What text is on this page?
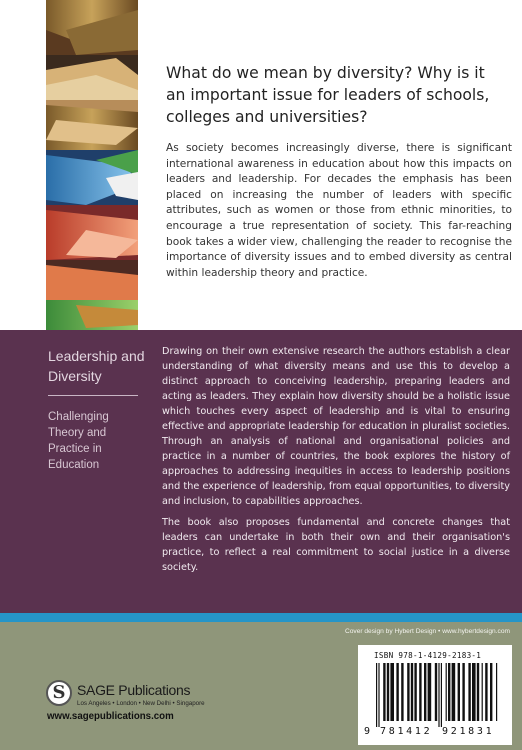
What do we mean by diversity? Why is it an important issue for leaders of schools, colleges and universities?
As society becomes increasingly diverse, there is significant international awareness in education about how this impacts on leaders and leadership. For decades the emphasis has been placed on increasing the number of leaders with specific attributes, such as women or those from ethnic minorities, to encourage a true representation of society. This far-reaching book takes a wider view, challenging the reader to recognise the importance of diversity issues and to embed diversity as central within leadership theory and practice.
Leadership and Diversity
Challenging Theory and Practice in Education

Drawing on their own extensive research the authors establish a clear understanding of what diversity means and use this to develop a distinct approach to conceiving leadership, preparing leaders and acting as leaders. They explain how diversity should be a holistic issue which touches every aspect of leadership and is vital to ensuring effective and appropriate leadership for education in pluralist societies. Through an analysis of national and organisational policies and practice in a number of countries, the book explores the history of approaches to addressing inequities in access to leadership positions and the experience of leadership, from equal opportunities, to diversity and inclusion, to capabilities approaches.

The book also proposes fundamental and concrete changes that leaders can undertake in both their own and their organisation's practice, to reflect a real commitment to social justice in a diverse society.

Cover design by Hybert Design • www.hybertdesign.com
S SAGE Publications
Los Angeles • London • New Delhi • Singapore
www.sagepublications.com
ISBN 978-1-4129-2183-1
9 781412 921831
